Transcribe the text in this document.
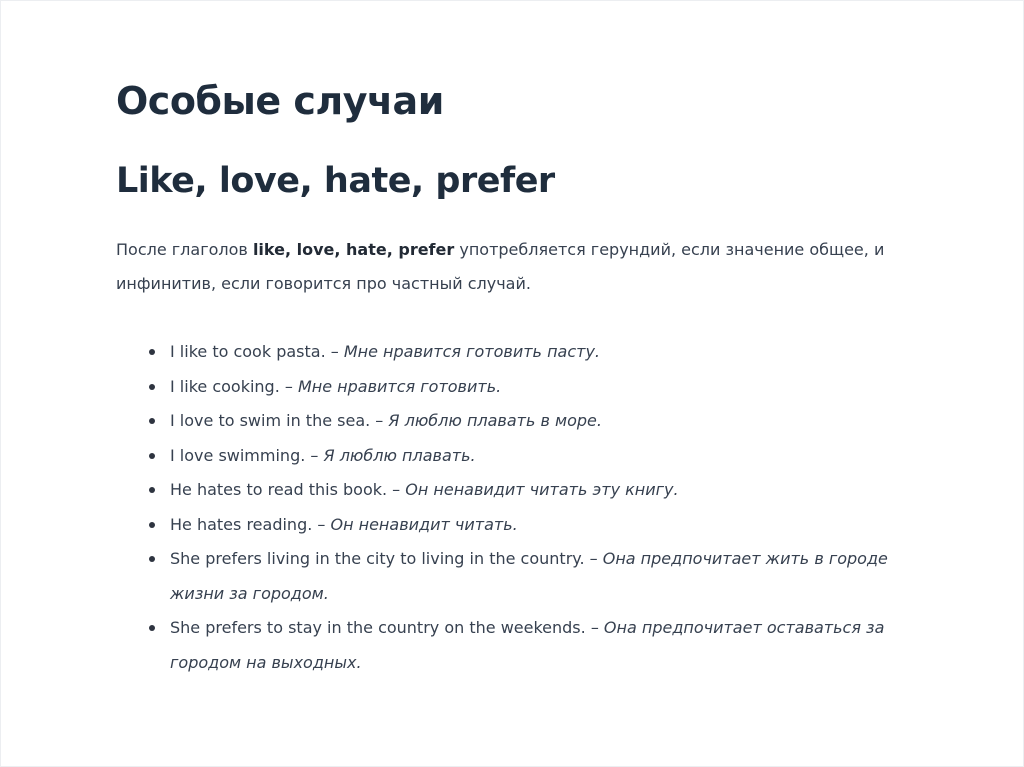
Особые случаи
Like, love, hate, prefer

После глаголов like, love, hate, prefer употребляется герундий, если значение общее, и инфинитив, если говорится про частный случай.

I like to cook pasta. – Мне нравится готовить пасту.
I like cooking. – Мне нравится готовить.
I love to swim in the sea. – Я люблю плавать в море.
I love swimming. – Я люблю плавать.
He hates to read this book. – Он ненавидит читать эту книгу.
He hates reading. – Он ненавидит читать.
She prefers living in the city to living in the country. – Она предпочитает жить в городе жизни за городом.
She prefers to stay in the country on the weekends. – Она предпочитает оставаться за городом на выходных.
